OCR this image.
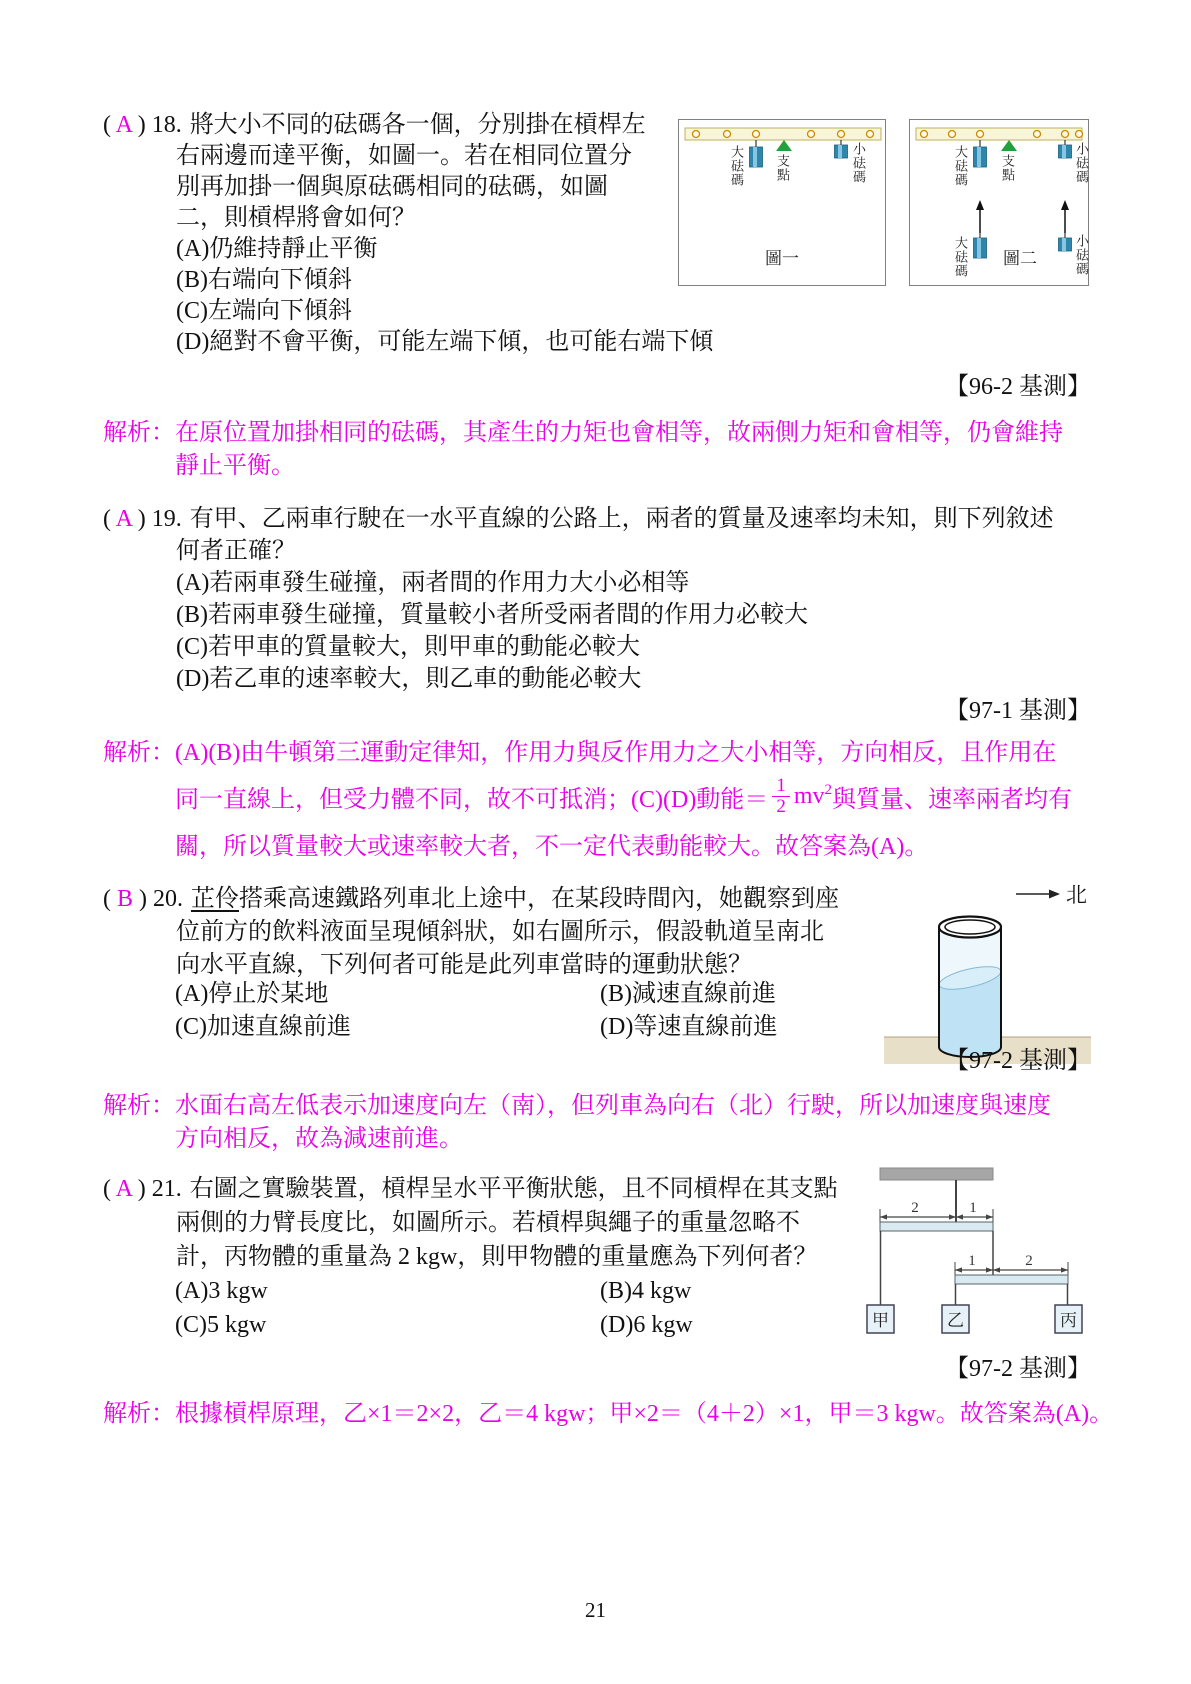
( A ) 18. 將大小不同的砝碼各一個，分別掛在槓桿左
右兩邊而達平衡，如圖一。若在相同位置分
別再加掛一個與原砝碼相同的砝碼，如圖
二，則槓桿將會如何？
(A)仍維持靜止平衡
(B)右端向下傾斜
(C)左端向下傾斜
(D)絕對不會平衡，可能左端下傾，也可能右端下傾
大砝碼 支點	小砝碼
圖一
大砝碼 支點	小砝碼
大砝碼	小砝碼
圖二
【96-2 基測】
解析：在原位置加掛相同的砝碼，其產生的力矩也會相等，故兩側力矩和會相等，仍會維持
靜止平衡。
( A ) 19. 有甲、乙兩車行駛在一水平直線的公路上，兩者的質量及速率均未知，則下列敘述
何者正確？
(A)若兩車發生碰撞，兩者間的作用力大小必相等
(B)若兩車發生碰撞，質量較小者所受兩者間的作用力必較大
(C)若甲車的質量較大，則甲車的動能必較大
(D)若乙車的速率較大，則乙車的動能必較大
【97-1 基測】
解析：(A)(B)由牛頓第三運動定律知，作用力與反作用力之大小相等，方向相反，且作用在
同一直線上，但受力體不同，故不可抵消；(C)(D)動能＝ $\frac{1}{2} mv^2$ 與質量、速率兩者均有
關，所以質量較大或速率較大者，不一定代表動能較大。故答案為(A)。
( B ) 20. 芷伶搭乘高速鐵路列車北上途中，在某段時間內，她觀察到座
位前方的飲料液面呈現傾斜狀，如右圖所示，假設軌道呈南北
向水平直線，下列何者可能是此列車當時的運動狀態？
(A)停止於某地	(B)減速直線前進
(C)加速直線前進	(D)等速直線前進
北
【97-2 基測】
解析：水面右高左低表示加速度向左（南），但列車為向右（北）行駛，所以加速度與速度
方向相反，故為減速前進。
( A ) 21. 右圖之實驗裝置，槓桿呈水平平衡狀態，且不同槓桿在其支點
兩側的力臂長度比，如圖所示。若槓桿與繩子的重量忽略不
計，丙物體的重量為 2 kgw，則甲物體的重量應為下列何者？
(A)3 kgw	(B)4 kgw
(C)5 kgw	(D)6 kgw
2	1
1	2
甲	乙	丙
【97-2 基測】
解析：根據槓桿原理，乙×1＝2×2，乙＝4 kgw；甲×2＝（4＋2）×1，甲＝3 kgw。故答案為(A)。
21
